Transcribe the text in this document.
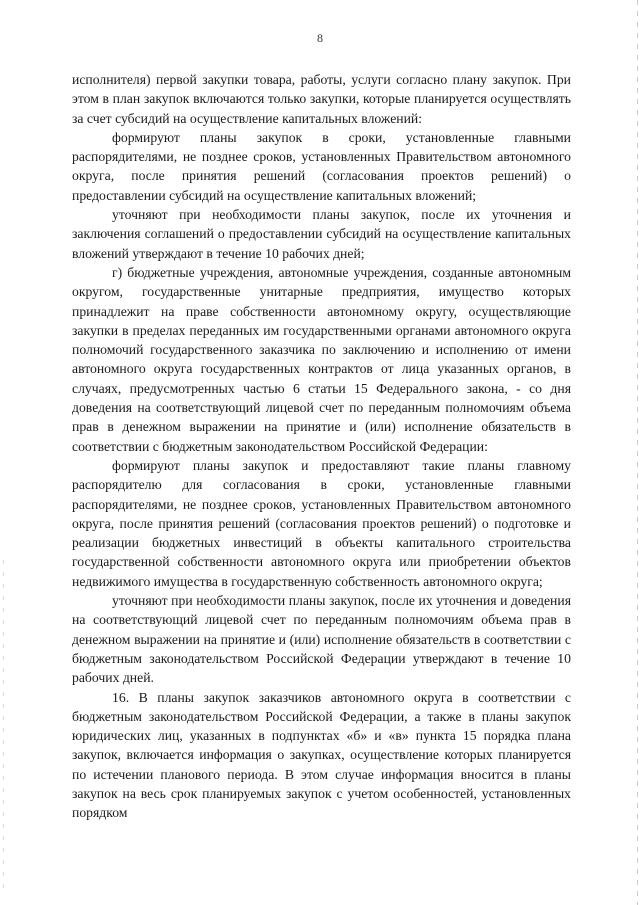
8

исполнителя) первой закупки товара, работы, услуги согласно плану закупок. При этом в план закупок включаются только закупки, которые планируется осуществлять за счет субсидий на осуществление капитальных вложений:

формируют планы закупок в сроки, установленные главными распорядителями, не позднее сроков, установленных Правительством автономного округа, после принятия решений (согласования проектов решений) о предоставлении субсидий на осуществление капитальных вложений;

уточняют при необходимости планы закупок, после их уточнения и заключения соглашений о предоставлении субсидий на осуществление капитальных вложений утверждают в течение 10 рабочих дней;

г) бюджетные учреждения, автономные учреждения, созданные автономным округом, государственные унитарные предприятия, имущество которых принадлежит на праве собственности автономному округу, осуществляющие закупки в пределах переданных им государственными органами автономного округа полномочий государственного заказчика по заключению и исполнению от имени автономного округа государственных контрактов от лица указанных органов, в случаях, предусмотренных частью 6 статьи 15 Федерального закона, - со дня доведения на соответствующий лицевой счет по переданным полномочиям объема прав в денежном выражении на принятие и (или) исполнение обязательств в соответствии с бюджетным законодательством Российской Федерации:

формируют планы закупок и предоставляют такие планы главному распорядителю для согласования в сроки, установленные главными распорядителями, не позднее сроков, установленных Правительством автономного округа, после принятия решений (согласования проектов решений) о подготовке и реализации бюджетных инвестиций в объекты капитального строительства государственной собственности автономного округа или приобретении объектов недвижимого имущества в государственную собственность автономного округа;

уточняют при необходимости планы закупок, после их уточнения и доведения на соответствующий лицевой счет по переданным полномочиям объема прав в денежном выражении на принятие и (или) исполнение обязательств в соответствии с бюджетным законодательством Российской Федерации утверждают в течение 10 рабочих дней.

16. В планы закупок заказчиков автономного округа в соответствии с бюджетным законодательством Российской Федерации, а также в планы закупок юридических лиц, указанных в подпунктах «б» и «в» пункта 15 порядка плана закупок, включается информация о закупках, осуществление которых планируется по истечении планового периода. В этом случае информация вносится в планы закупок на весь срок планируемых закупок с учетом особенностей, установленных порядком
